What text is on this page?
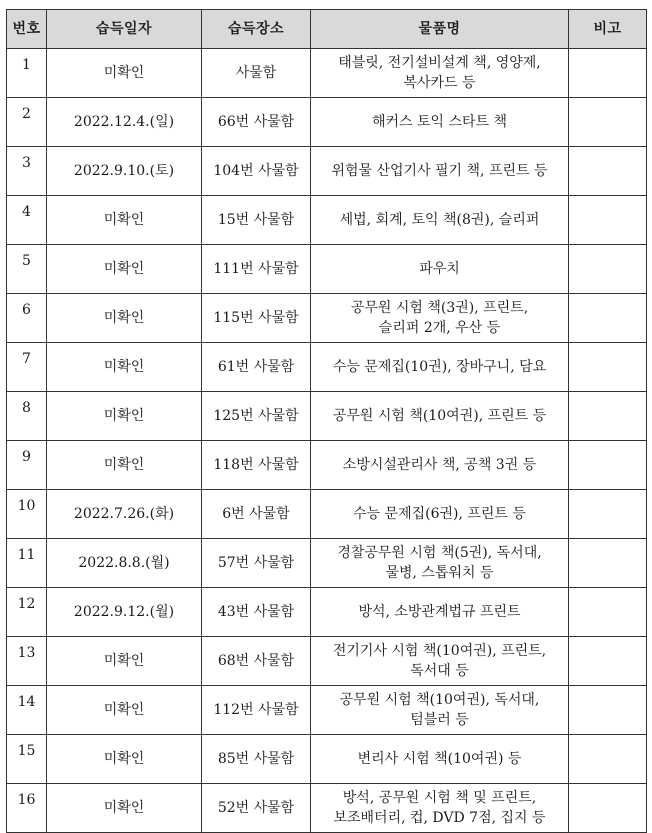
번호	습득일자	습득장소	물품명	비고
1	미확인	사물함	태블릿, 전기설비설계 책, 영양제,
복사카드 등	

2	2022.12.4.(일)	66번 사물함	해커스 토익 스타트 책	

3	2022.9.10.(토)	104번 사물함	위험물 산업기사 필기 책, 프린트 등	

4	미확인	15번 사물함	세법, 회계, 토익 책(8권), 슬리퍼	

5	미확인	111번 사물함	파우치	

6	미확인	115번 사물함	공무원 시험 책(3권), 프린트,
슬리퍼 2개, 우산 등	

7	미확인	61번 사물함	수능 문제집(10권), 장바구니, 담요	

8	미확인	125번 사물함	공무원 시험 책(10여권), 프린트 등	

9	미확인	118번 사물함	소방시설관리사 책, 공책 3권 등	

10	2022.7.26.(화)	6번 사물함	수능 문제집(6권), 프린트 등	

11	2022.8.8.(월)	57번 사물함	경찰공무원 시험 책(5권), 독서대,
물병, 스톱워치 등	

12	2022.9.12.(월)	43번 사물함	방석, 소방관계법규 프린트	

13	미확인	68번 사물함	전기기사 시험 책(10여권), 프린트,
독서대 등	

14	미확인	112번 사물함	공무원 시험 책(10여권), 독서대,
텀블러 등	

15	미확인	85번 사물함	변리사 시험 책(10여권) 등	

16	미확인	52번 사물함	방석, 공무원 시험 책 및 프린트,
보조배터리, 컵, DVD 7점, 집지 등	
